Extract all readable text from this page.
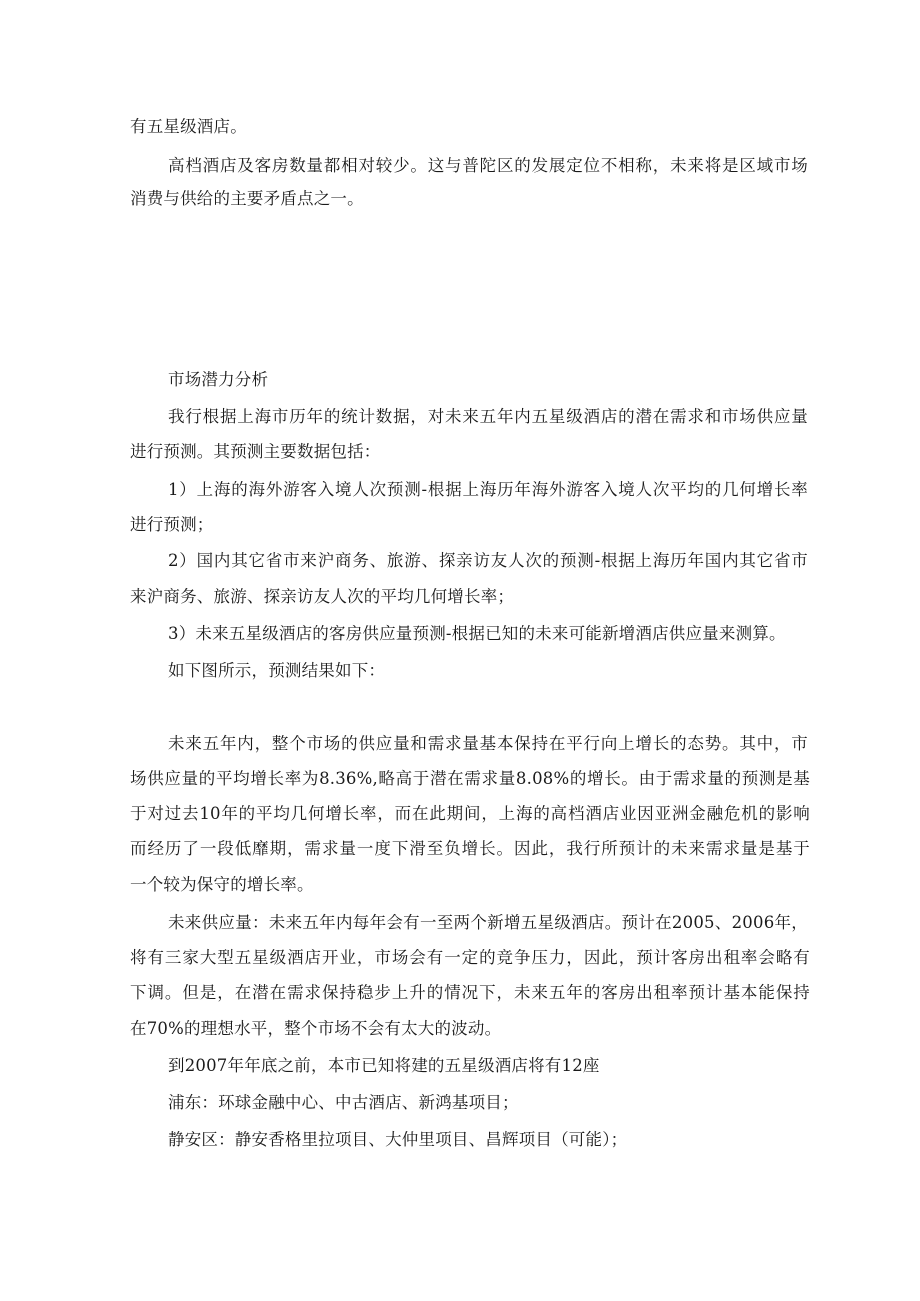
有五星级酒店。
高档酒店及客房数量都相对较少。这与普陀区的发展定位不相称，未来将是区域市场
消费与供给的主要矛盾点之一。
市场潜力分析
我行根据上海市历年的统计数据，对未来五年内五星级酒店的潜在需求和市场供应量
进行预测。其预测主要数据包括：
1）上海的海外游客入境人次预测-根据上海历年海外游客入境人次平均的几何增长率
进行预测；
2）国内其它省市来沪商务、旅游、探亲访友人次的预测-根据上海历年国内其它省市
来沪商务、旅游、探亲访友人次的平均几何增长率；
3）未来五星级酒店的客房供应量预测-根据已知的未来可能新增酒店供应量来测算。
如下图所示，预测结果如下：
未来五年内，整个市场的供应量和需求量基本保持在平行向上增长的态势。其中，市
场供应量的平均增长率为8.36%,略高于潜在需求量8.08%的增长。由于需求量的预测是基
于对过去10年的平均几何增长率，而在此期间，上海的高档酒店业因亚洲金融危机的影响
而经历了一段低靡期，需求量一度下滑至负增长。因此，我行所预计的未来需求量是基于
一个较为保守的增长率。
未来供应量：未来五年内每年会有一至两个新增五星级酒店。预计在2005、2006年，
将有三家大型五星级酒店开业，市场会有一定的竞争压力，因此，预计客房出租率会略有
下调。但是，在潜在需求保持稳步上升的情况下，未来五年的客房出租率预计基本能保持
在70%的理想水平，整个市场不会有太大的波动。
到2007年年底之前，本市已知将建的五星级酒店将有12座
浦东：环球金融中心、中古酒店、新鸿基项目；
静安区：静安香格里拉项目、大仲里项目、昌辉项目（可能）；
